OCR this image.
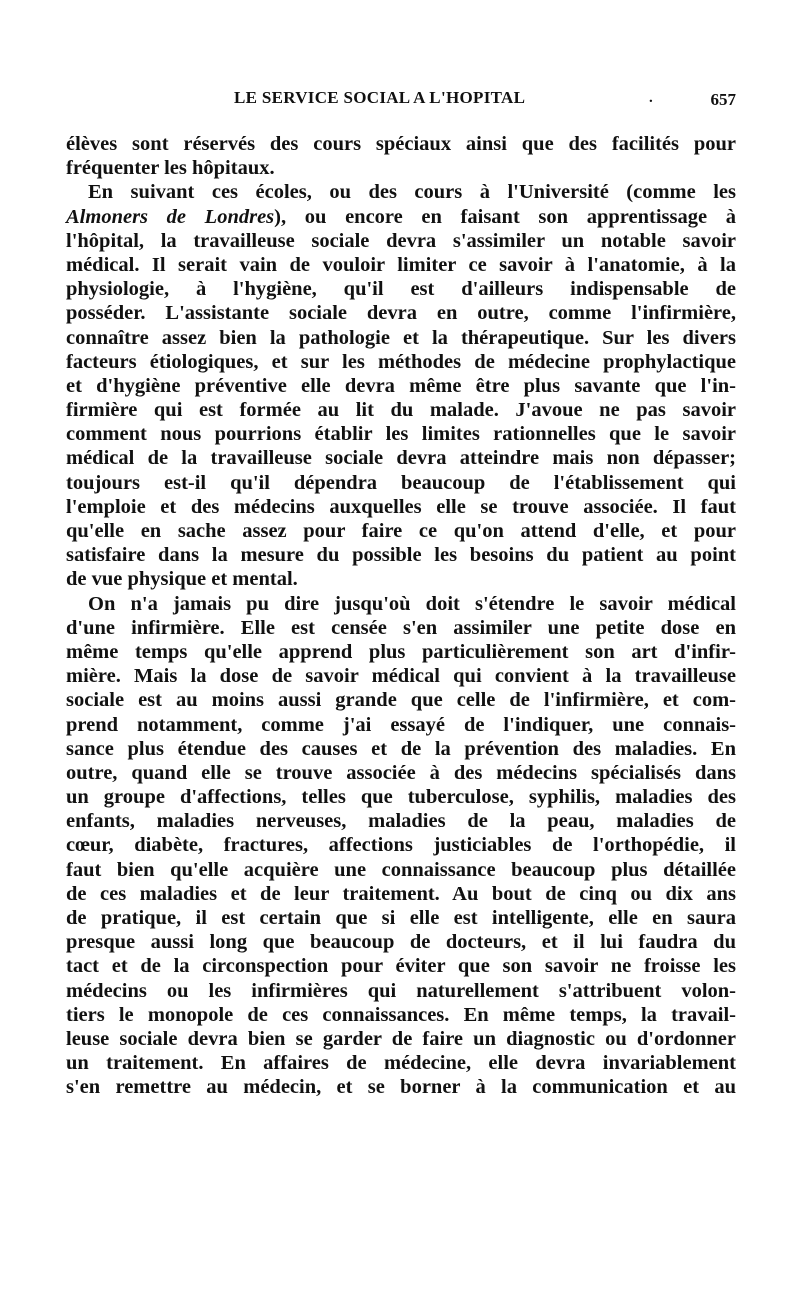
LE SERVICE SOCIAL A L'HOPITAL	.	657
élèves sont réservés des cours spéciaux ainsi que des facilités pour
fréquenter les hôpitaux.
En suivant ces écoles, ou des cours à l'Université (comme les
Almoners de Londres), ou encore en faisant son apprentissage à
l'hôpital, la travailleuse sociale devra s'assimiler un notable savoir
médical. Il serait vain de vouloir limiter ce savoir à l'anatomie, à la
physiologie, à l'hygiène, qu'il est d'ailleurs indispensable de
posséder. L'assistante sociale devra en outre, comme l'infirmière,
connaître assez bien la pathologie et la thérapeutique. Sur les divers
facteurs étiologiques, et sur les méthodes de médecine prophylactique
et d'hygiène préventive elle devra même être plus savante que l'in-
firmière qui est formée au lit du malade. J'avoue ne pas savoir
comment nous pourrions établir les limites rationnelles que le savoir
médical de la travailleuse sociale devra atteindre mais non dépasser;
toujours est-il qu'il dépendra beaucoup de l'établissement qui
l'emploie et des médecins auxquelles elle se trouve associée. Il faut
qu'elle en sache assez pour faire ce qu'on attend d'elle, et pour
satisfaire dans la mesure du possible les besoins du patient au point
de vue physique et mental.
On n'a jamais pu dire jusqu'où doit s'étendre le savoir médical
d'une infirmière. Elle est censée s'en assimiler une petite dose en
même temps qu'elle apprend plus particulièrement son art d'infir-
mière. Mais la dose de savoir médical qui convient à la travailleuse
sociale est au moins aussi grande que celle de l'infirmière, et com-
prend notamment, comme j'ai essayé de l'indiquer, une connais-
sance plus étendue des causes et de la prévention des maladies. En
outre, quand elle se trouve associée à des médecins spécialisés dans
un groupe d'affections, telles que tuberculose, syphilis, maladies des
enfants, maladies nerveuses, maladies de la peau, maladies de
cœur, diabète, fractures, affections justiciables de l'orthopédie, il
faut bien qu'elle acquière une connaissance beaucoup plus détaillée
de ces maladies et de leur traitement. Au bout de cinq ou dix ans
de pratique, il est certain que si elle est intelligente, elle en saura
presque aussi long que beaucoup de docteurs, et il lui faudra du
tact et de la circonspection pour éviter que son savoir ne froisse les
médecins ou les infirmières qui naturellement s'attribuent volon-
tiers le monopole de ces connaissances. En même temps, la travail-
leuse sociale devra bien se garder de faire un diagnostic ou d'ordonner
un traitement. En affaires de médecine, elle devra invariablement
s'en remettre au médecin, et se borner à la communication et au
